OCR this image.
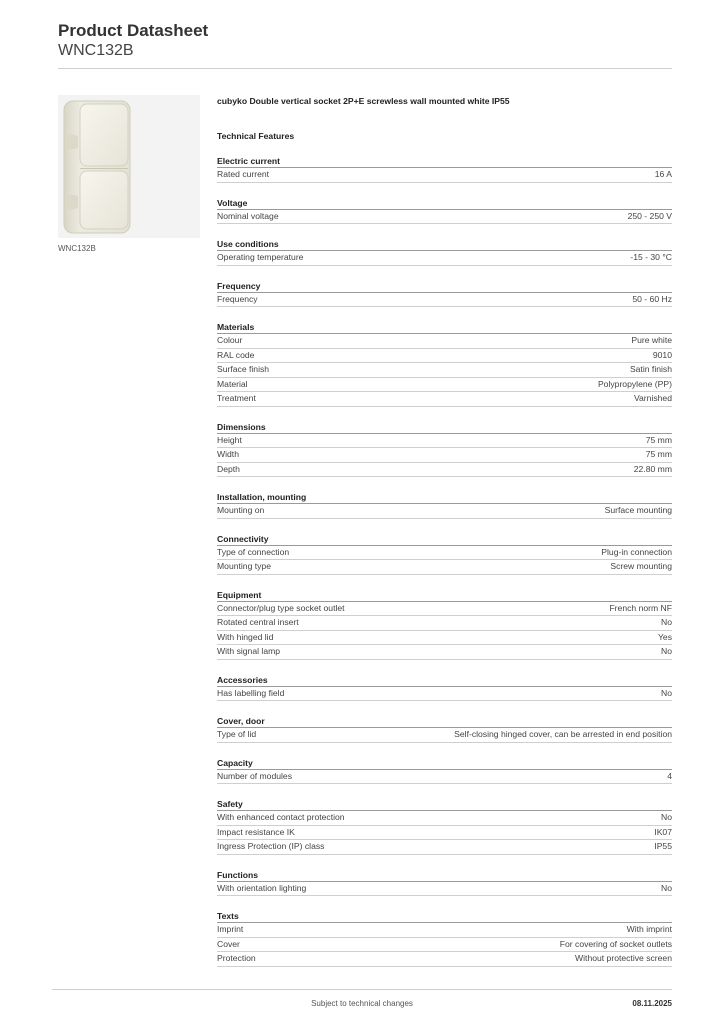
Product Datasheet
WNC132B
WNC132B
cubyko Double vertical socket 2P+E screwless wall mounted white IP55
Technical Features
Electric current
Rated current	16 A
Voltage
Nominal voltage	250 - 250 V
Use conditions
Operating temperature	-15 - 30 °C
Frequency
Frequency	50 - 60 Hz
Materials
Colour	Pure white
RAL code	9010
Surface finish	Satin finish
Material	Polypropylene (PP)
Treatment	Varnished
Dimensions
Height	75 mm
Width	75 mm
Depth	22.80 mm
Installation, mounting
Mounting on	Surface mounting
Connectivity
Type of connection	Plug-in connection
Mounting type	Screw mounting
Equipment
Connector/plug type socket outlet	French norm NF
Rotated central insert	No
With hinged lid	Yes
With signal lamp	No
Accessories
Has labelling field	No
Cover, door
Type of lid	Self-closing hinged cover, can be arrested in end position
Capacity
Number of modules	4
Safety
With enhanced contact protection	No
Impact resistance IK	IK07
Ingress Protection (IP) class	IP55
Functions
With orientation lighting	No
Texts
Imprint	With imprint
Cover	For covering of socket outlets
Protection	Without protective screen
Subject to technical changes	08.11.2025
